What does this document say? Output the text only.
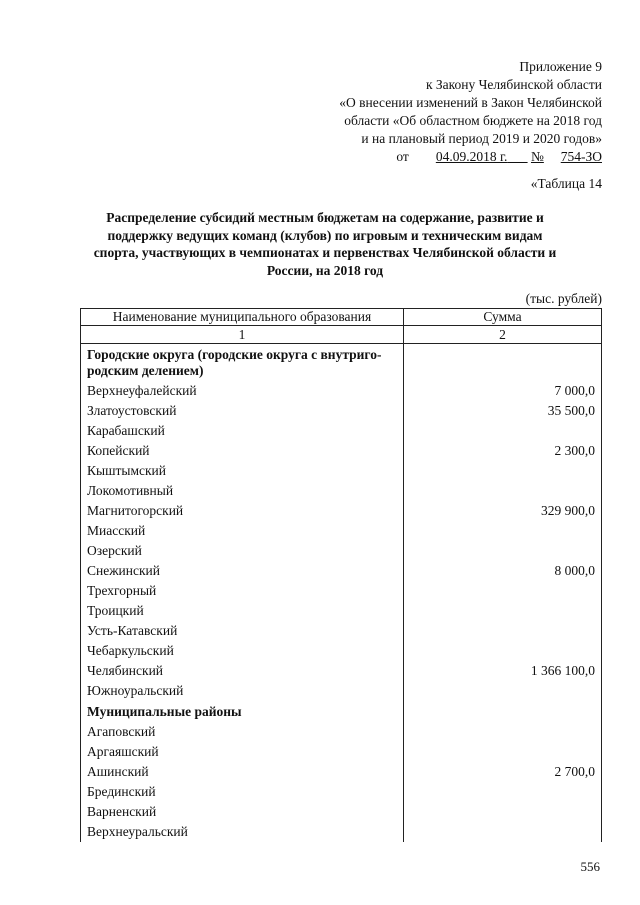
Приложение 9
к Закону Челябинской области
«О внесении изменений в Закон Челябинской
области «Об областном бюджете на 2018 год
и на плановый период 2019 и 2020 годов»
от 04.09.2018 г. № 754-ЗО
«Таблица 14
Распределение субсидий местным бюджетам на содержание, развитие и поддержку ведущих команд (клубов) по игровым и техническим видам спорта, участвующих в чемпионатах и первенствах Челябинской области и России, на 2018 год
(тыс. рублей)
Наименование муниципального образования	Сумма
1	2
Городские округа (городские округа с внутриго-родским делением)	
Верхнеуфалейский	7 000,0
Златоустовский	35 500,0
Карабашский	
Копейский	2 300,0
Кыштымский	
Локомотивный	
Магнитогорский	329 900,0
Миасский	
Озерский	
Снежинский	8 000,0
Трехгорный	
Троицкий	
Усть-Катавский	
Чебаркульский	
Челябинский	1 366 100,0
Южноуральский	
Муниципальные районы	
Агаповский	
Аргаяшский	
Ашинский	2 700,0
Брединский	
Варненский	
Верхнеуральский	
556
